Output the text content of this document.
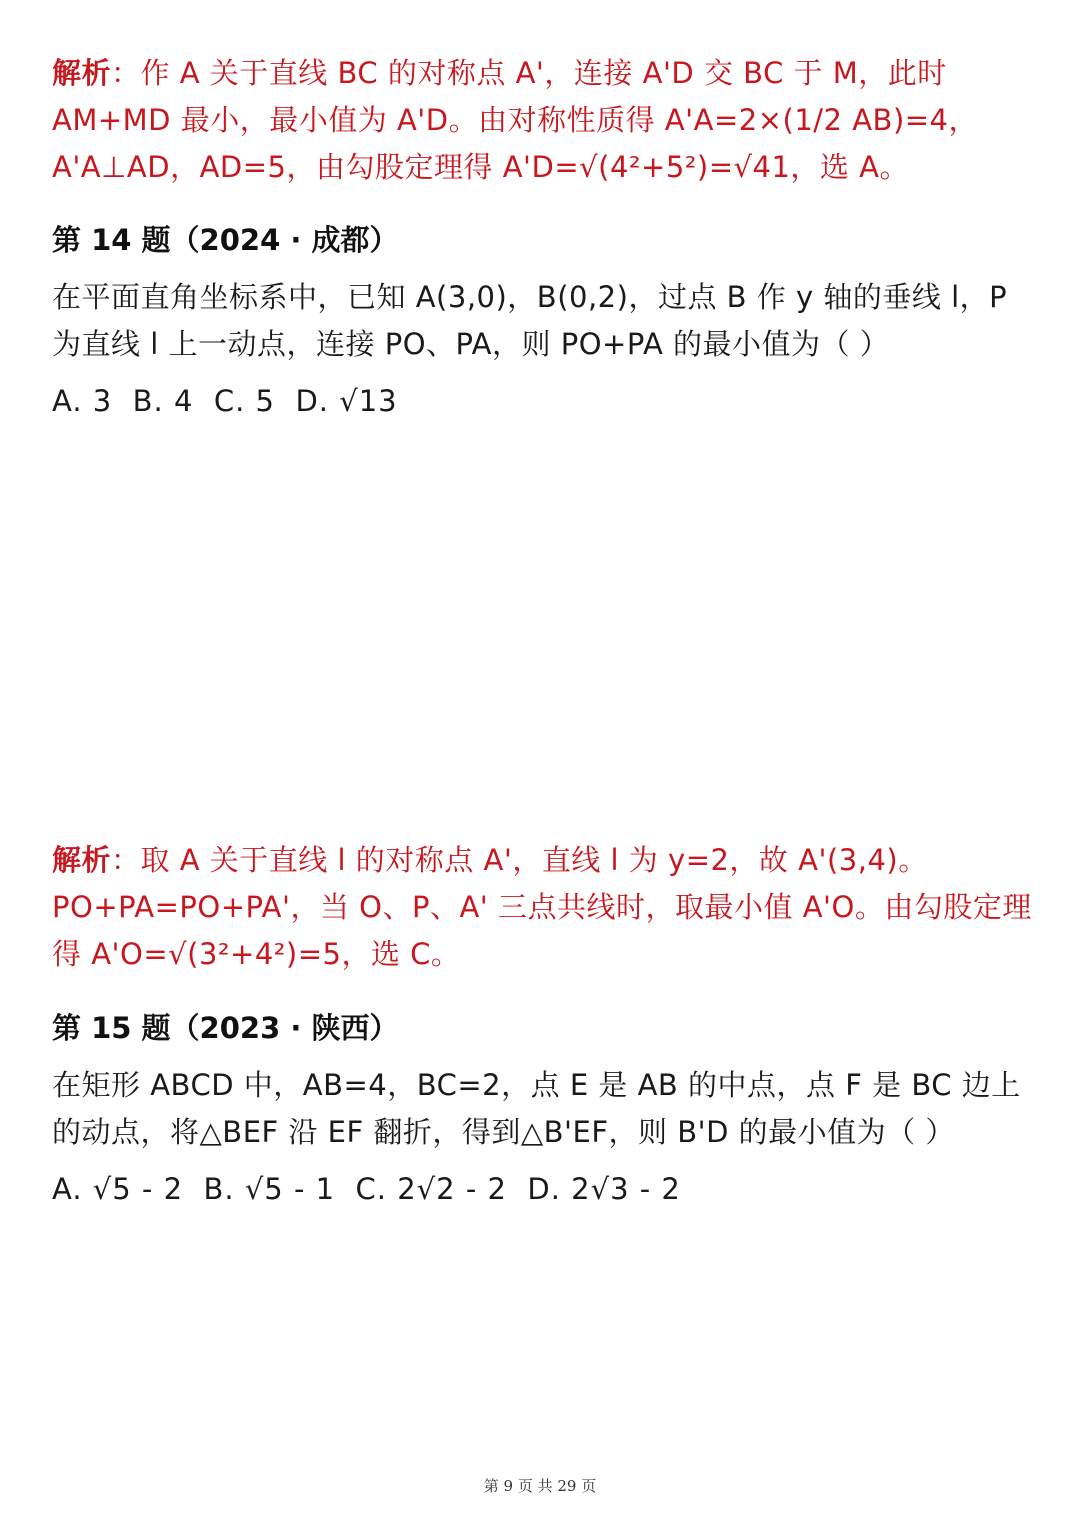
解析：作 A 关于直线 BC 的对称点 A'，连接 A'D 交 BC 于 M，此时 AM+MD 最小，最小值为 A'D。由对称性质得 A'A=2×(1/2 AB)=4，A'A⊥AD，AD=5，由勾股定理得 A'D=√(4²+5²)=√41，选 A。
第 14 题（2024 · 成都）
在平面直角坐标系中，已知 A(3,0)，B(0,2)，过点 B 作 y 轴的垂线 l，P 为直线 l 上一动点，连接 PO、PA，则 PO+PA 的最小值为（ ）
A. 3  B. 4  C. 5  D. √13
解析：取 A 关于直线 l 的对称点 A'，直线 l 为 y=2，故 A'(3,4)。PO+PA=PO+PA'，当 O、P、A' 三点共线时，取最小值 A'O。由勾股定理得 A'O=√(3²+4²)=5，选 C。
第 15 题（2023 · 陕西）
在矩形 ABCD 中，AB=4，BC=2，点 E 是 AB 的中点，点 F 是 BC 边上的动点，将△BEF 沿 EF 翻折，得到△B'EF，则 B'D 的最小值为（ ）
A. √5 - 2  B. √5 - 1  C. 2√2 - 2  D. 2√3 - 2
第 9 页 共 29 页
